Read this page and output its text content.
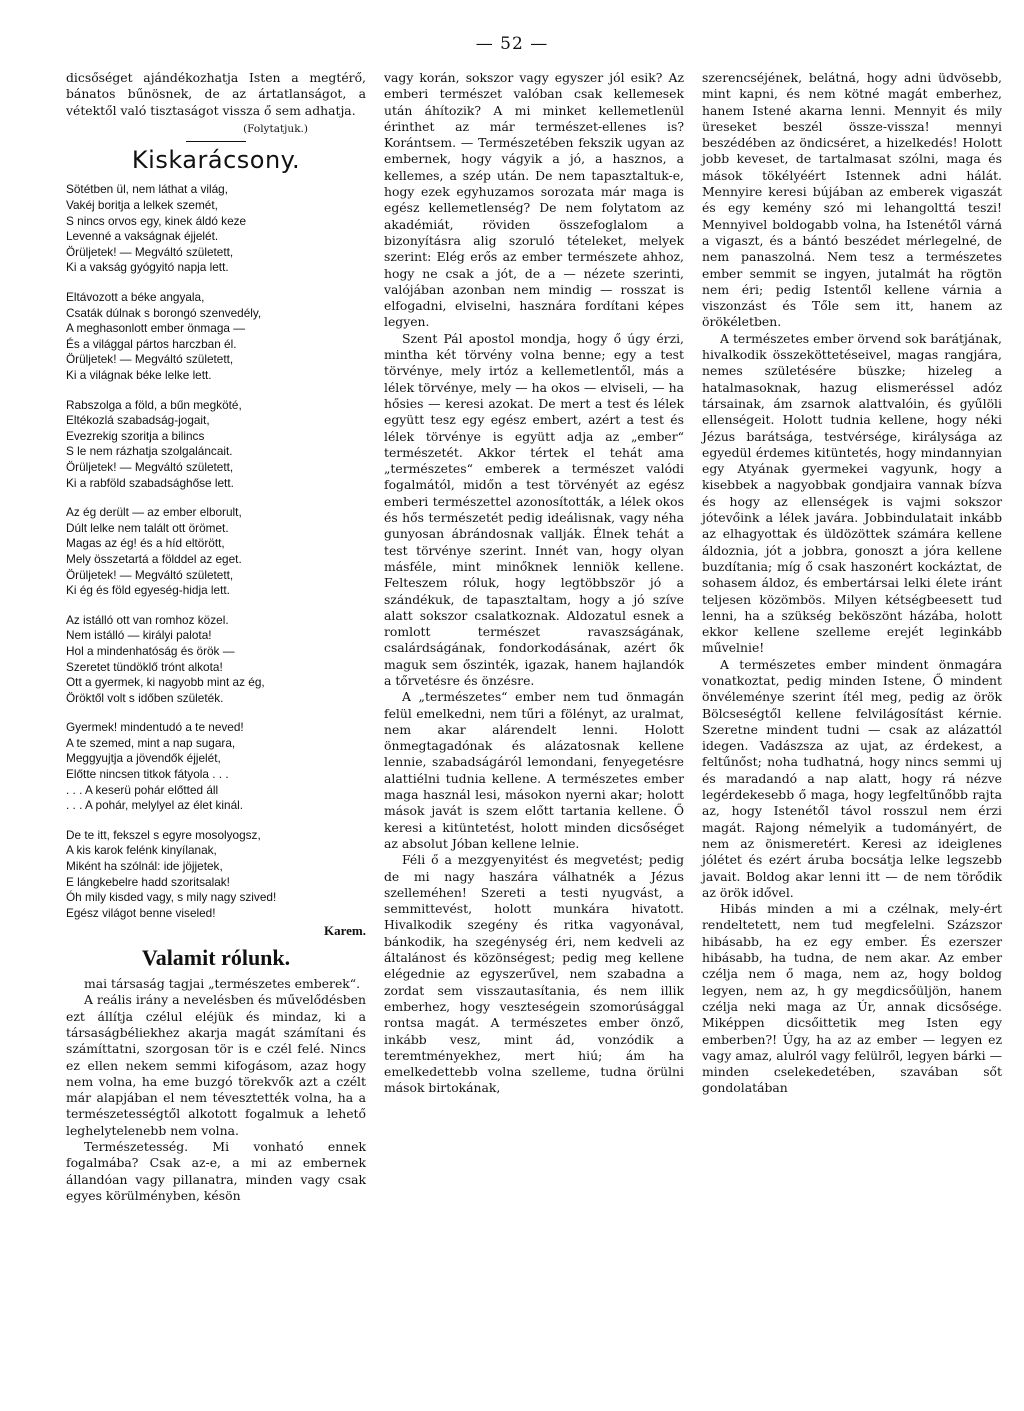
— 52 —

dicsőséget ajándékozhatja Isten a megtérő, bánatos bűnösnek, de az ártatlanságot, a vétektől való tisztaságot vissza ő sem adhatja.

(Folytatjuk.)
Kiskarácsony.
Sötétben ül, nem láthat a világ,
Vakéj boritja a lelkek szemét,
S nincs orvos egy, kinek áldó keze
Levenné a vakságnak éjjelét.
Örüljetek! — Megváltó született,
Ki a vakság gyógyitó napja lett.
Eltávozott a béke angyala,
Csaták dúlnak s borongó szenvedély,
A meghasonlott ember önmaga —
És a világgal pártos harczban él.
Örüljetek! — Megváltó született,
Ki a világnak béke lelke lett.
Rabszolga a föld, a bűn megköté,
Eltékozlá szabadság-jogait,
Evezrekig szoritja a bilincs
S le nem rázhatja szolgaláncait.
Örüljetek! — Megváltó született,
Ki a rabföld szabadsághőse lett.
Az ég derült — az ember elborult,
Dúlt lelke nem talált ott örömet.
Magas az ég! és a híd eltörött,
Mely összetartá a földdel az eget.
Örüljetek! — Megváltó született,
Ki ég és föld egyeség-hidja lett.
Az istálló ott van romhoz közel.
Nem istálló — királyi palota!
Hol a mindenhatóság és örök —
Szeretet tündöklő trónt alkota!
Ott a gyermek, ki nagyobb mint az ég,
Öröktől volt s időben születék.
Gyermek! mindentudó a te neved!
A te szemed, mint a nap sugara,
Meggyujtja a jövendők éjjelét,
Előtte nincsen titkok fátyola . . .
. . . A keserü pohár előtted áll
. . . A pohár, melylyel az élet kinál.
De te itt, fekszel s egyre mosolyogsz,
A kis karok felénk kinyílanak,
Miként ha szólnál: ide jöjjetek,
E lángkebelre hadd szoritsalak!
Óh mily kisded vagy, s mily nagy szived!
Egész világot benne viseled!
Karem.
Valamit rólunk.

mai társaság tagjai „természetes emberek“.

A reális irány a nevelésben és művelődésben ezt állítja czélul eléjük és mindaz, ki a társaságbéliekhez akarja magát számítani és számíttatni, szorgosan tör is e czél felé. Nincs ez ellen nekem semmi kifogásom, azaz hogy nem volna, ha eme buzgó törekvők azt a czélt már alapjában el nem tévesztették volna, ha a természetességtől alkotott fogalmuk a lehető leghelytelenebb nem volna.

Természetesség. Mi vonható ennek fogalmába? Csak az-e, a mi az embernek állandóan vagy pillanatra, minden vagy csak egyes körülményben, késön

vagy korán, sokszor vagy egyszer jól esik? Az emberi természet valóban csak kellemesek után áhítozik? A mi minket kellemetlenül érinthet az már természet-ellenes is? Korántsem. — Természetében fekszik ugyan az embernek, hogy vágyik a jó, a hasznos, a kellemes, a szép után. De nem tapasztaltuk-e, hogy ezek egyhuzamos sorozata már maga is egész kellemetlenség? De nem folytatom az akadémiát, röviden összefoglalom a bizonyításra alig szoruló tételeket, melyek szerint: Elég erős az ember természete ahhoz, hogy ne csak a jót, de a — nézete szerinti, valójában azonban nem mindig — rosszat is elfogadni, elviselni, hasznára fordítani képes legyen.

Szent Pál apostol mondja, hogy ő úgy érzi, mintha két törvény volna benne; egy a test törvénye, mely irtóz a kellemetlentől, más a lélek törvénye, mely — ha okos — elviseli, — ha hősies — keresi azokat. De mert a test és lélek együtt tesz egy egész embert, azért a test és lélek törvénye is együtt adja az „ember“ természetét. Akkor tértek el tehát ama „természetes“ emberek a természet valódi fogalmától, midőn a test törvényét az egész emberi természettel azonosították, a lélek okos és hős természetét pedig ideálisnak, vagy néha gunyosan ábrándosnak vallják. Élnek tehát a test törvénye szerint. Innét van, hogy olyan másféle, mint minőknek lenniök kellene. Felteszem róluk, hogy legtöbbször jó a szándékuk, de tapasztaltam, hogy a jó szíve alatt sokszor csalatkoznak. Aldozatul esnek a romlott természet ravaszságának, csalárdságának, fondorkodásának, azért ők maguk sem őszinték, igazak, hanem hajlandók a tőrvetésre és önzésre.

A „természetes“ ember nem tud önmagán felül emelkedni, nem tűri a fölényt, az uralmat, nem akar alárendelt lenni. Holott önmegtagadónak és alázatosnak kellene lennie, szabadságáról lemondani, fenyegetésre alattiélni tudnia kellene. A természetes ember maga használ lesi, másokon nyerni akar; holott mások javát is szem előtt tartania kellene. Ő keresi a kitüntetést, holott minden dicsőséget az absolut Jóban kellene lelnie.

Féli ő a mezgyenyitést és megvetést; pedig de mi nagy haszára válhatnék a Jézus szelleméhen! Szereti a testi nyugvást, a semmittevést, holott munkára hivatott. Hivalkodik szegény és ritka vagyonával, bánkodik, ha szegénység éri, nem kedveli az általánost és közönségest; pedig meg kellene elégednie az egyszerűvel, nem szabadna a zordat sem visszautasítania, és nem illik emberhez, hogy veszteségein szomorúsággal rontsa magát. A természetes ember önző, inkább vesz, mint ád, vonzódik a teremtményekhez, mert hiú; ám ha emelkedettebb volna szelleme, tudna örülni mások birtokának,

szerencséjének, belátná, hogy adni üdvösebb, mint kapni, és nem kötné magát emberhez, hanem Istené akarna lenni. Mennyit és mily üreseket beszél össze-vissza! mennyi beszédében az öndicséret, a hizelkedés! Holott jobb keveset, de tartalmasat szólni, maga és mások tökélyéért Istennek adni hálát. Mennyire keresi bújában az emberek vigaszát és egy kemény szó mi lehangolttá teszi! Mennyivel boldogabb volna, ha Istenétől várná a vigaszt, és a bántó beszédet mérlegelné, de nem panaszolná. Nem tesz a természetes ember semmit se ingyen, jutalmát ha rögtön nem éri; pedig Istentől kellene várnia a viszonzást és Tőle sem itt, hanem az örökéletben.

A természetes ember örvend sok barátjának, hivalkodik összeköttetéseivel, magas rangjára, nemes születésére büszke; hizeleg a hatalmasoknak, hazug elismeréssel adóz társainak, ám zsarnok alattvalóin, és gyűlöli ellenségeit. Holott tudnia kellene, hogy néki Jézus barátsága, testvérsége, királysága az egyedül érdemes kitüntetés, hogy mindannyian egy Atyának gyermekei vagyunk, hogy a kisebbek a nagyobbak gondjaira vannak bízva és hogy az ellenségek is vajmi sokszor jótevőink a lélek javára. Jobbindulatait inkább az elhagyottak és üldözöttek számára kellene áldoznia, jót a jobbra, gonoszt a jóra kellene buzdítania; míg ő csak haszonért kockáztat, de sohasem áldoz, és embertársai lelki élete iránt teljesen közömbös. Milyen kétségbeesett tud lenni, ha a szükség beköszönt házába, holott ekkor kellene szelleme erejét leginkább művelnie!

A természetes ember mindent önmagára vonatkoztat, pedig minden Istene, Ő mindent önvéleménye szerint ítél meg, pedig az örök Bölcseségtől kellene felvilágosítást kérnie. Szeretne mindent tudni — csak az alázattól idegen. Vadászsza az ujat, az érdekest, a feltűnőst; noha tudhatná, hogy nincs semmi uj és maradandó a nap alatt, hogy rá nézve legérdekesebb ő maga, hogy legfeltűnőbb rajta az, hogy Istenétől távol rosszul nem érzi magát. Rajong némelyik a tudományért, de nem az önismeretért. Keresi az ideiglenes jólétet és ezért áruba bocsátja lelke legszebb javait. Boldog akar lenni itt — de nem törődik az örök idővel.

Hibás minden a mi a czélnak, mely-ért rendeltetett, nem tud megfelelni. Százszor hibásabb, ha ez egy ember. És ezerszer hibásabb, ha tudna, de nem akar. Az ember czélja nem ő maga, nem az, hogy boldog legyen, nem az, h gy megdicsőüljön, hanem czélja neki maga az Úr, annak dicsősége. Miképpen dicsőittetik meg Isten egy emberben?! Úgy, ha az az ember — legyen ez vagy amaz, alulról vagy felülről, legyen bárki — minden cselekedetében, szavában sőt gondolatában
